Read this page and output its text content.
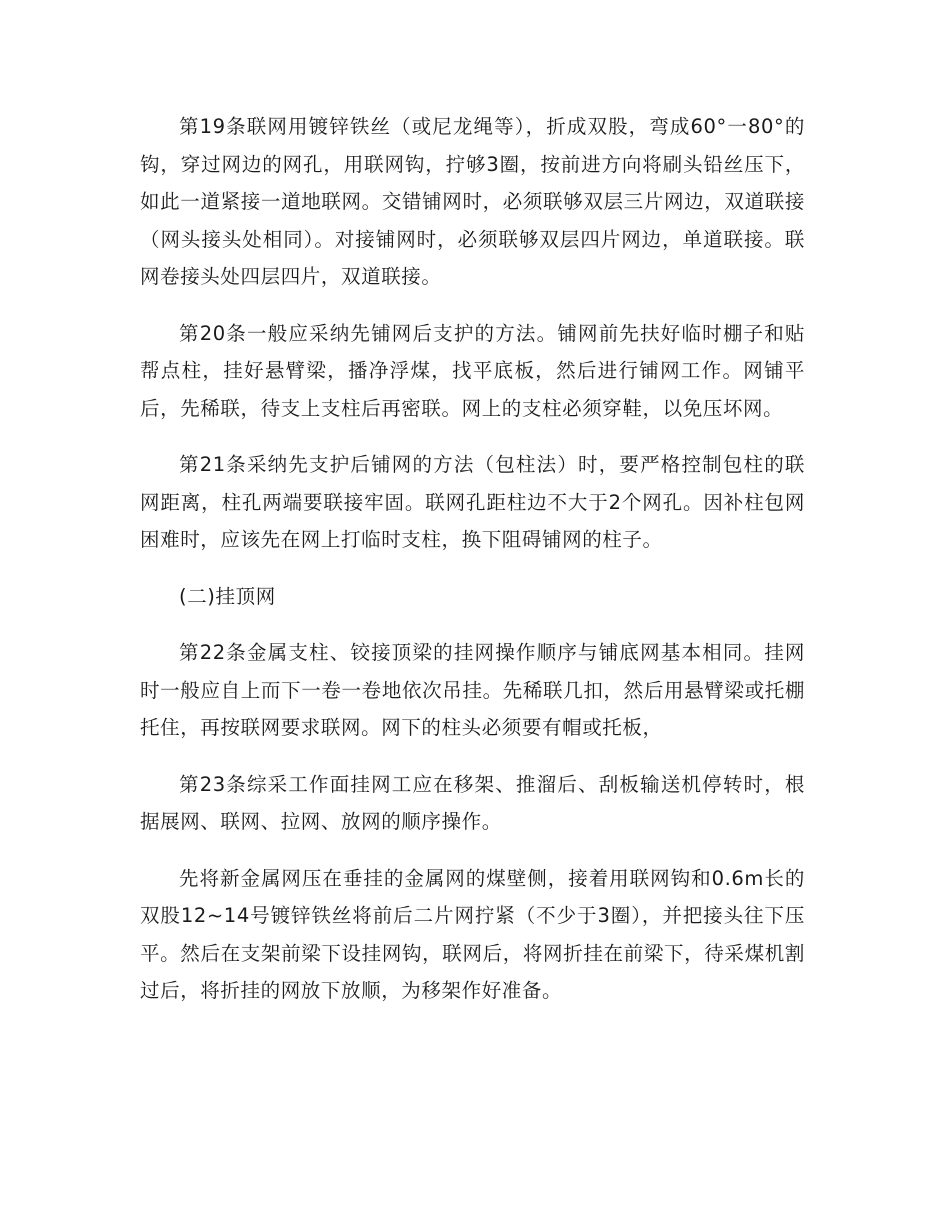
第19条联网用镀锌铁丝（或尼龙绳等），折成双股，弯成60°一80°的钩，穿过网边的网孔，用联网钩，拧够3圈，按前进方向将刷头铅丝压下，如此一道紧接一道地联网。交错铺网时，必须联够双层三片网边，双道联接（网头接头处相同）。对接铺网时，必须联够双层四片网边，单道联接。联网卷接头处四层四片，双道联接。

第20条一般应采纳先铺网后支护的方法。铺网前先扶好临时棚子和贴帮点柱，挂好悬臂梁，播净浮煤，找平底板，然后进行铺网工作。网铺平后，先稀联，待支上支柱后再密联。网上的支柱必须穿鞋，以免压坏网。

第21条采纳先支护后铺网的方法（包柱法）时，要严格控制包柱的联网距离，柱孔两端要联接牢固。联网孔距柱边不大于2个网孔。因补柱包网困难时，应该先在网上打临时支柱，换下阻碍铺网的柱子。

(二)挂顶网

第22条金属支柱、铰接顶梁的挂网操作顺序与铺底网基本相同。挂网时一般应自上而下一卷一卷地依次吊挂。先稀联几扣，然后用悬臂梁或托棚托住，再按联网要求联网。网下的柱头必须要有帽或托板，

第23条综采工作面挂网工应在移架、推溜后、刮板输送机停转时，根据展网、联网、拉网、放网的顺序操作。

先将新金属网压在垂挂的金属网的煤壁侧，接着用联网钩和0.6m长的双股12~14号镀锌铁丝将前后二片网拧紧（不少于3圈），并把接头往下压平。然后在支架前梁下设挂网钩，联网后，将网折挂在前梁下，待采煤机割过后，将折挂的网放下放顺，为移架作好准备。
